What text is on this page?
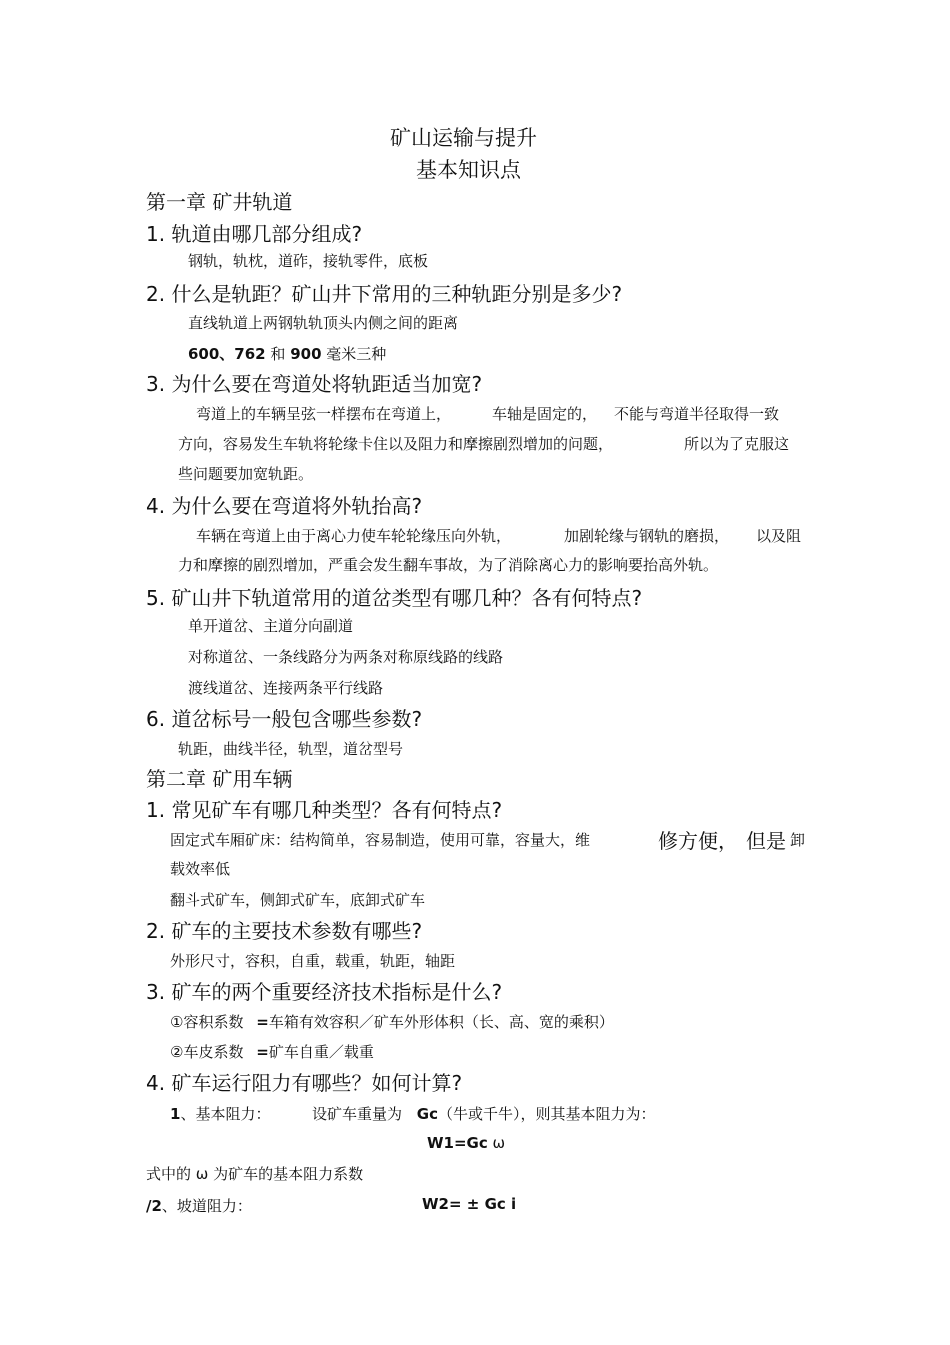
矿山运输与提升
基本知识点
第一章 矿井轨道
1. 轨道由哪几部分组成?
钢轨，轨枕，道砟，接轨零件，底板
2. 什么是轨距？矿山井下常用的三种轨距分别是多少?
直线轨道上两钢轨轨顶头内侧之间的距离
600、762 和 900 毫米三种
3. 为什么要在弯道处将轨距适当加宽?
弯道上的车辆呈弦一样摆布在弯道上，	车轴是固定的， 不能与弯道半径取得一致
方向，容易发生车轨将轮缘卡住以及阻力和摩擦剧烈增加的问题，	所以为了克服这
些问题要加宽轨距。
4. 为什么要在弯道将外轨抬高?
车辆在弯道上由于离心力使车轮轮缘压向外轨，	加剧轮缘与钢轨的磨损， 以及阻
力和摩擦的剧烈增加，严重会发生翻车事故，为了消除离心力的影响要抬高外轨。
5. 矿山井下轨道常用的道岔类型有哪几种？各有何特点?
单开道岔、主道分向副道
对称道岔、一条线路分为两条对称原线路的线路
渡线道岔、连接两条平行线路
6. 道岔标号一般包含哪些参数?
轨距，曲线半径，轨型，道岔型号
第二章 矿用车辆
1. 常见矿车有哪几种类型？各有何特点?
固定式车厢矿床：结构简单，容易制造，使用可靠，容量大，维	修方便， 但是 卸
载效率低
翻斗式矿车，侧卸式矿车，底卸式矿车
2. 矿车的主要技术参数有哪些?
外形尺寸，容积，自重，载重，轨距，轴距
3. 矿车的两个重要经济技术指标是什么?
①容积系数 =车箱有效容积／矿车外形体积（长、高、宽的乘积）
②车皮系数 =矿车自重／载重
4. 矿车运行阻力有哪些？如何计算?
1、基本阻力：	设矿车重量为 Gc（牛或千牛），则其基本阻力为：
W1=Gc ω
式中的 ω 为矿车的基本阻力系数
/2、坡道阻力：	W2= ± Gc i
